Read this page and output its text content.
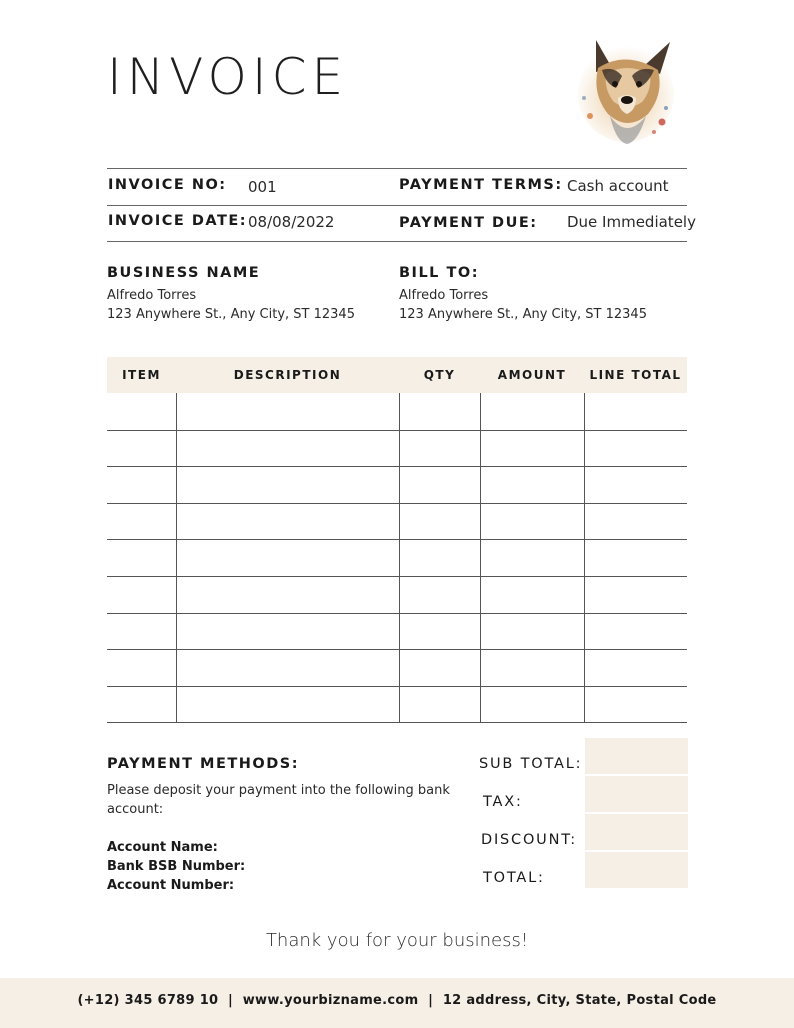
INVOICE
INVOICE NO: 001	PAYMENT TERMS: Cash account
INVOICE DATE: 08/08/2022	PAYMENT DUE: Due Immediately
BUSINESS NAME
Alfredo Torres
123 Anywhere St., Any City, ST 12345
BILL TO:
Alfredo Torres
123 Anywhere St., Any City, ST 12345
ITEM	DESCRIPTION	QTY	AMOUNT	LINE TOTAL
PAYMENT METHODS:
Please deposit your payment into the following bank
account:
Account Name:
Bank BSB Number:
Account Number:
SUB TOTAL:
TAX:
DISCOUNT:
TOTAL:
Thank you for your business!
(+12) 345 6789 10  |  www.yourbizname.com  |  12 address, City, State, Postal Code
